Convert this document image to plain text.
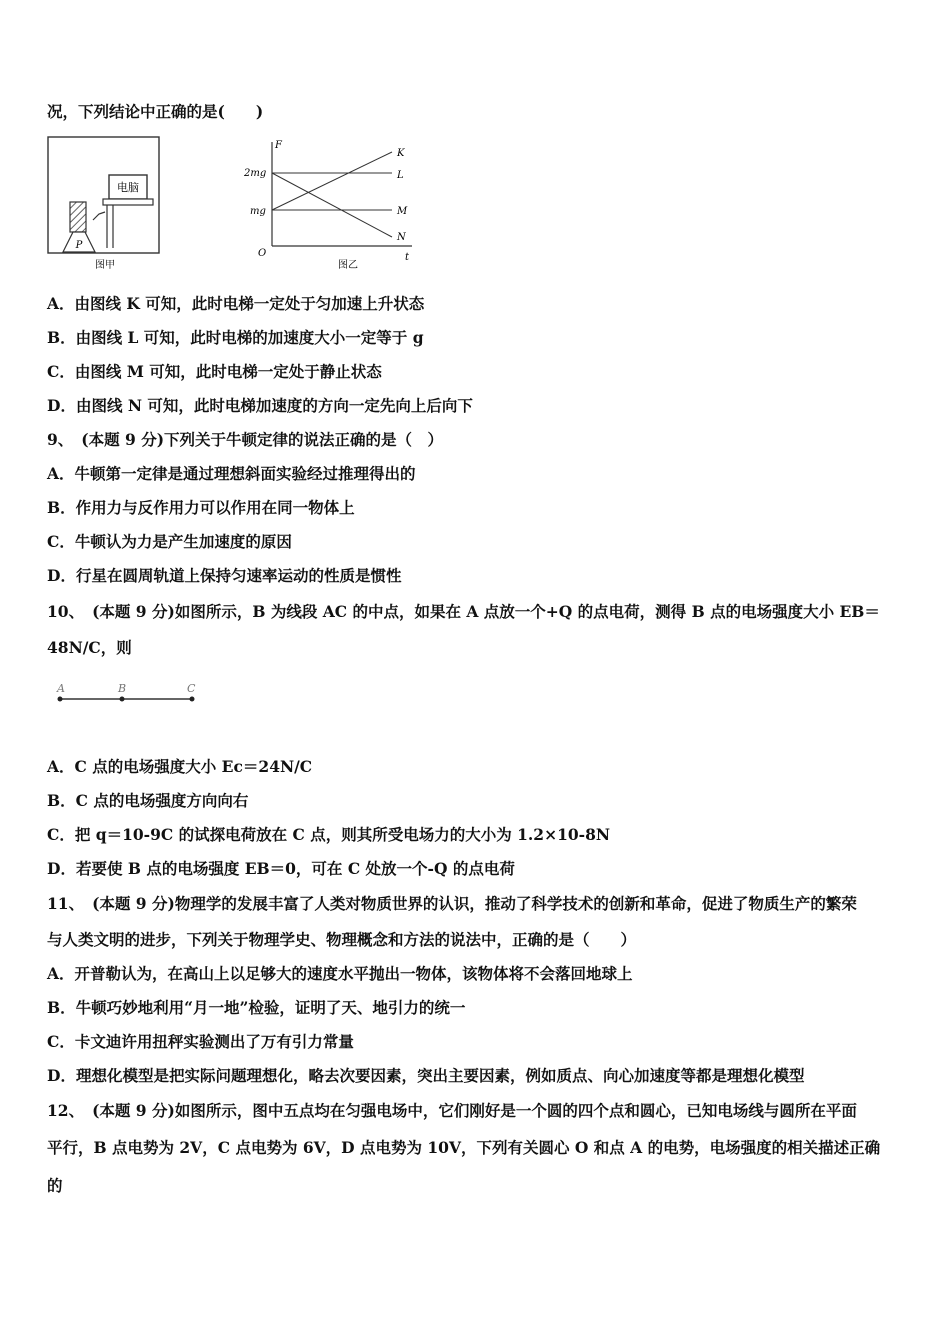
况，下列结论中正确的是(　　)
电脑
P
图甲
F
t
O
2mg
mg
K
L
M
N
图乙
A．由图线 K 可知，此时电梯一定处于匀加速上升状态
B．由图线 L 可知，此时电梯的加速度大小一定等于 g
C．由图线 M 可知，此时电梯一定处于静止状态
D．由图线 N 可知，此时电梯加速度的方向一定先向上后向下
9、 (本题 9 分)下列关于牛顿定律的说法正确的是（　）
A．牛顿第一定律是通过理想斜面实验经过推理得出的
B．作用力与反作用力可以作用在同一物体上
C．牛顿认为力是产生加速度的原因
D．行星在圆周轨道上保持匀速率运动的性质是惯性
10、 (本题 9 分)如图所示，B 为线段 AC 的中点，如果在 A 点放一个+Q 的点电荷，测得 B 点的电场强度大小 EB＝
48N/C，则
A	B	C
A．C 点的电场强度大小 Ec＝24N/C
B．C 点的电场强度方向向右
C．把 q＝10-9C 的试探电荷放在 C 点，则其所受电场力的大小为 1.2×10-8N
D．若要使 B 点的电场强度 EB＝0，可在 C 处放一个-Q 的点电荷
11、 (本题 9 分)物理学的发展丰富了人类对物质世界的认识，推动了科学技术的创新和革命，促进了物质生产的繁荣
与人类文明的进步，下列关于物理学史、物理概念和方法的说法中，正确的是（　　）
A．开普勒认为，在高山上以足够大的速度水平抛出一物体，该物体将不会落回地球上
B．牛顿巧妙地利用“月一地”检验，证明了天、地引力的统一
C．卡文迪许用扭秤实验测出了万有引力常量
D．理想化模型是把实际问题理想化，略去次要因素，突出主要因素，例如质点、向心加速度等都是理想化模型
12、 (本题 9 分)如图所示，图中五点均在匀强电场中，它们刚好是一个圆的四个点和圆心，已知电场线与圆所在平面
平行，B 点电势为 2V，C 点电势为 6V，D 点电势为 10V，下列有关圆心 O 和点 A 的电势，电场强度的相关描述正确
的
